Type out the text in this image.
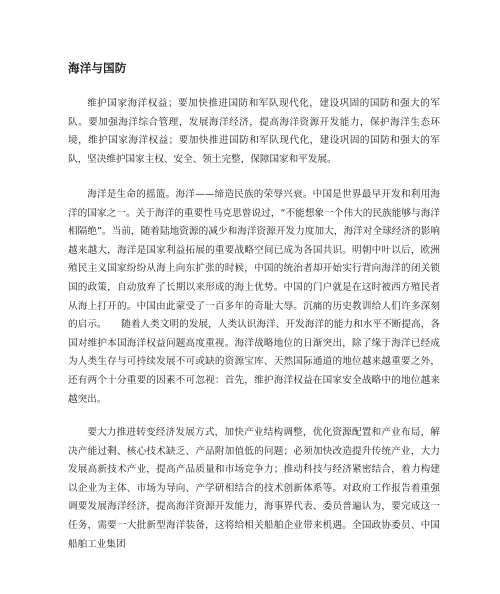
海洋与国防

维护国家海洋权益；要加快推进国防和军队现代化，建设巩固的国防和强大的军队。要加强海洋综合管理，发展海洋经济，提高海洋资源开发能力，保护海洋生态环境，维护国家海洋权益；要加快推进国防和军队现代化，建设巩固的国防和强大的军队，坚决维护国家主权、安全、领土完整，保障国家和平发展。

海洋是生命的摇篮。海洋——缔造民族的荣辱兴衰。中国是世界最早开发和利用海洋的国家之一。关于海洋的重要性马克思曾说过，“不能想象一个伟大的民族能够与海洋相隔绝”。当前，随着陆地资源的减少和海洋资源开发力度加大，海洋对全球经济的影响越来越大，海洋是国家利益拓展的重要战略空间已成为各国共识。明朝中叶以后，欧洲殖民主义国家纷纷从海上向东扩张的时候，中国的统治者却开始实行背向海洋的闭关锁国的政策，自动放弃了长期以来形成的海上优势。中国的门户就是在这时被西方殖民者从海上打开的。中国由此蒙受了一百多年的奇耻大辱。沉痛的历史教训给人们许多深刻的启示。　　随着人类文明的发展，人类认识海洋、开发海洋的能力和水平不断提高，各国对维护本国海洋权益问题高度重视。海洋战略地位的日渐突出，除了缘于海洋已经成为人类生存与可持续发展不可或缺的资源宝库、天然国际通道的地位越来越重要之外，还有两个十分重要的因素不可忽视：首先，维护海洋权益在国家安全战略中的地位越来越突出。

要大力推进转变经济发展方式，加快产业结构调整，优化资源配置和产业布局，解决产能过剩、核心技术缺乏、产品附加值低的问题；必须加快改造提升传统产业，大力发展高新技术产业，提高产品质量和市场竞争力；推动科技与经济紧密结合，着力构建以企业为主体、市场为导向、产学研相结合的技术创新体系等。对政府工作报告着重强调要发展海洋经济，提高海洋资源开发能力，海事界代表、委员普遍认为，要完成这一任务，需要一大批新型海洋装备，这将给相关船舶企业带来机遇。全国政协委员、中国船舶工业集团
